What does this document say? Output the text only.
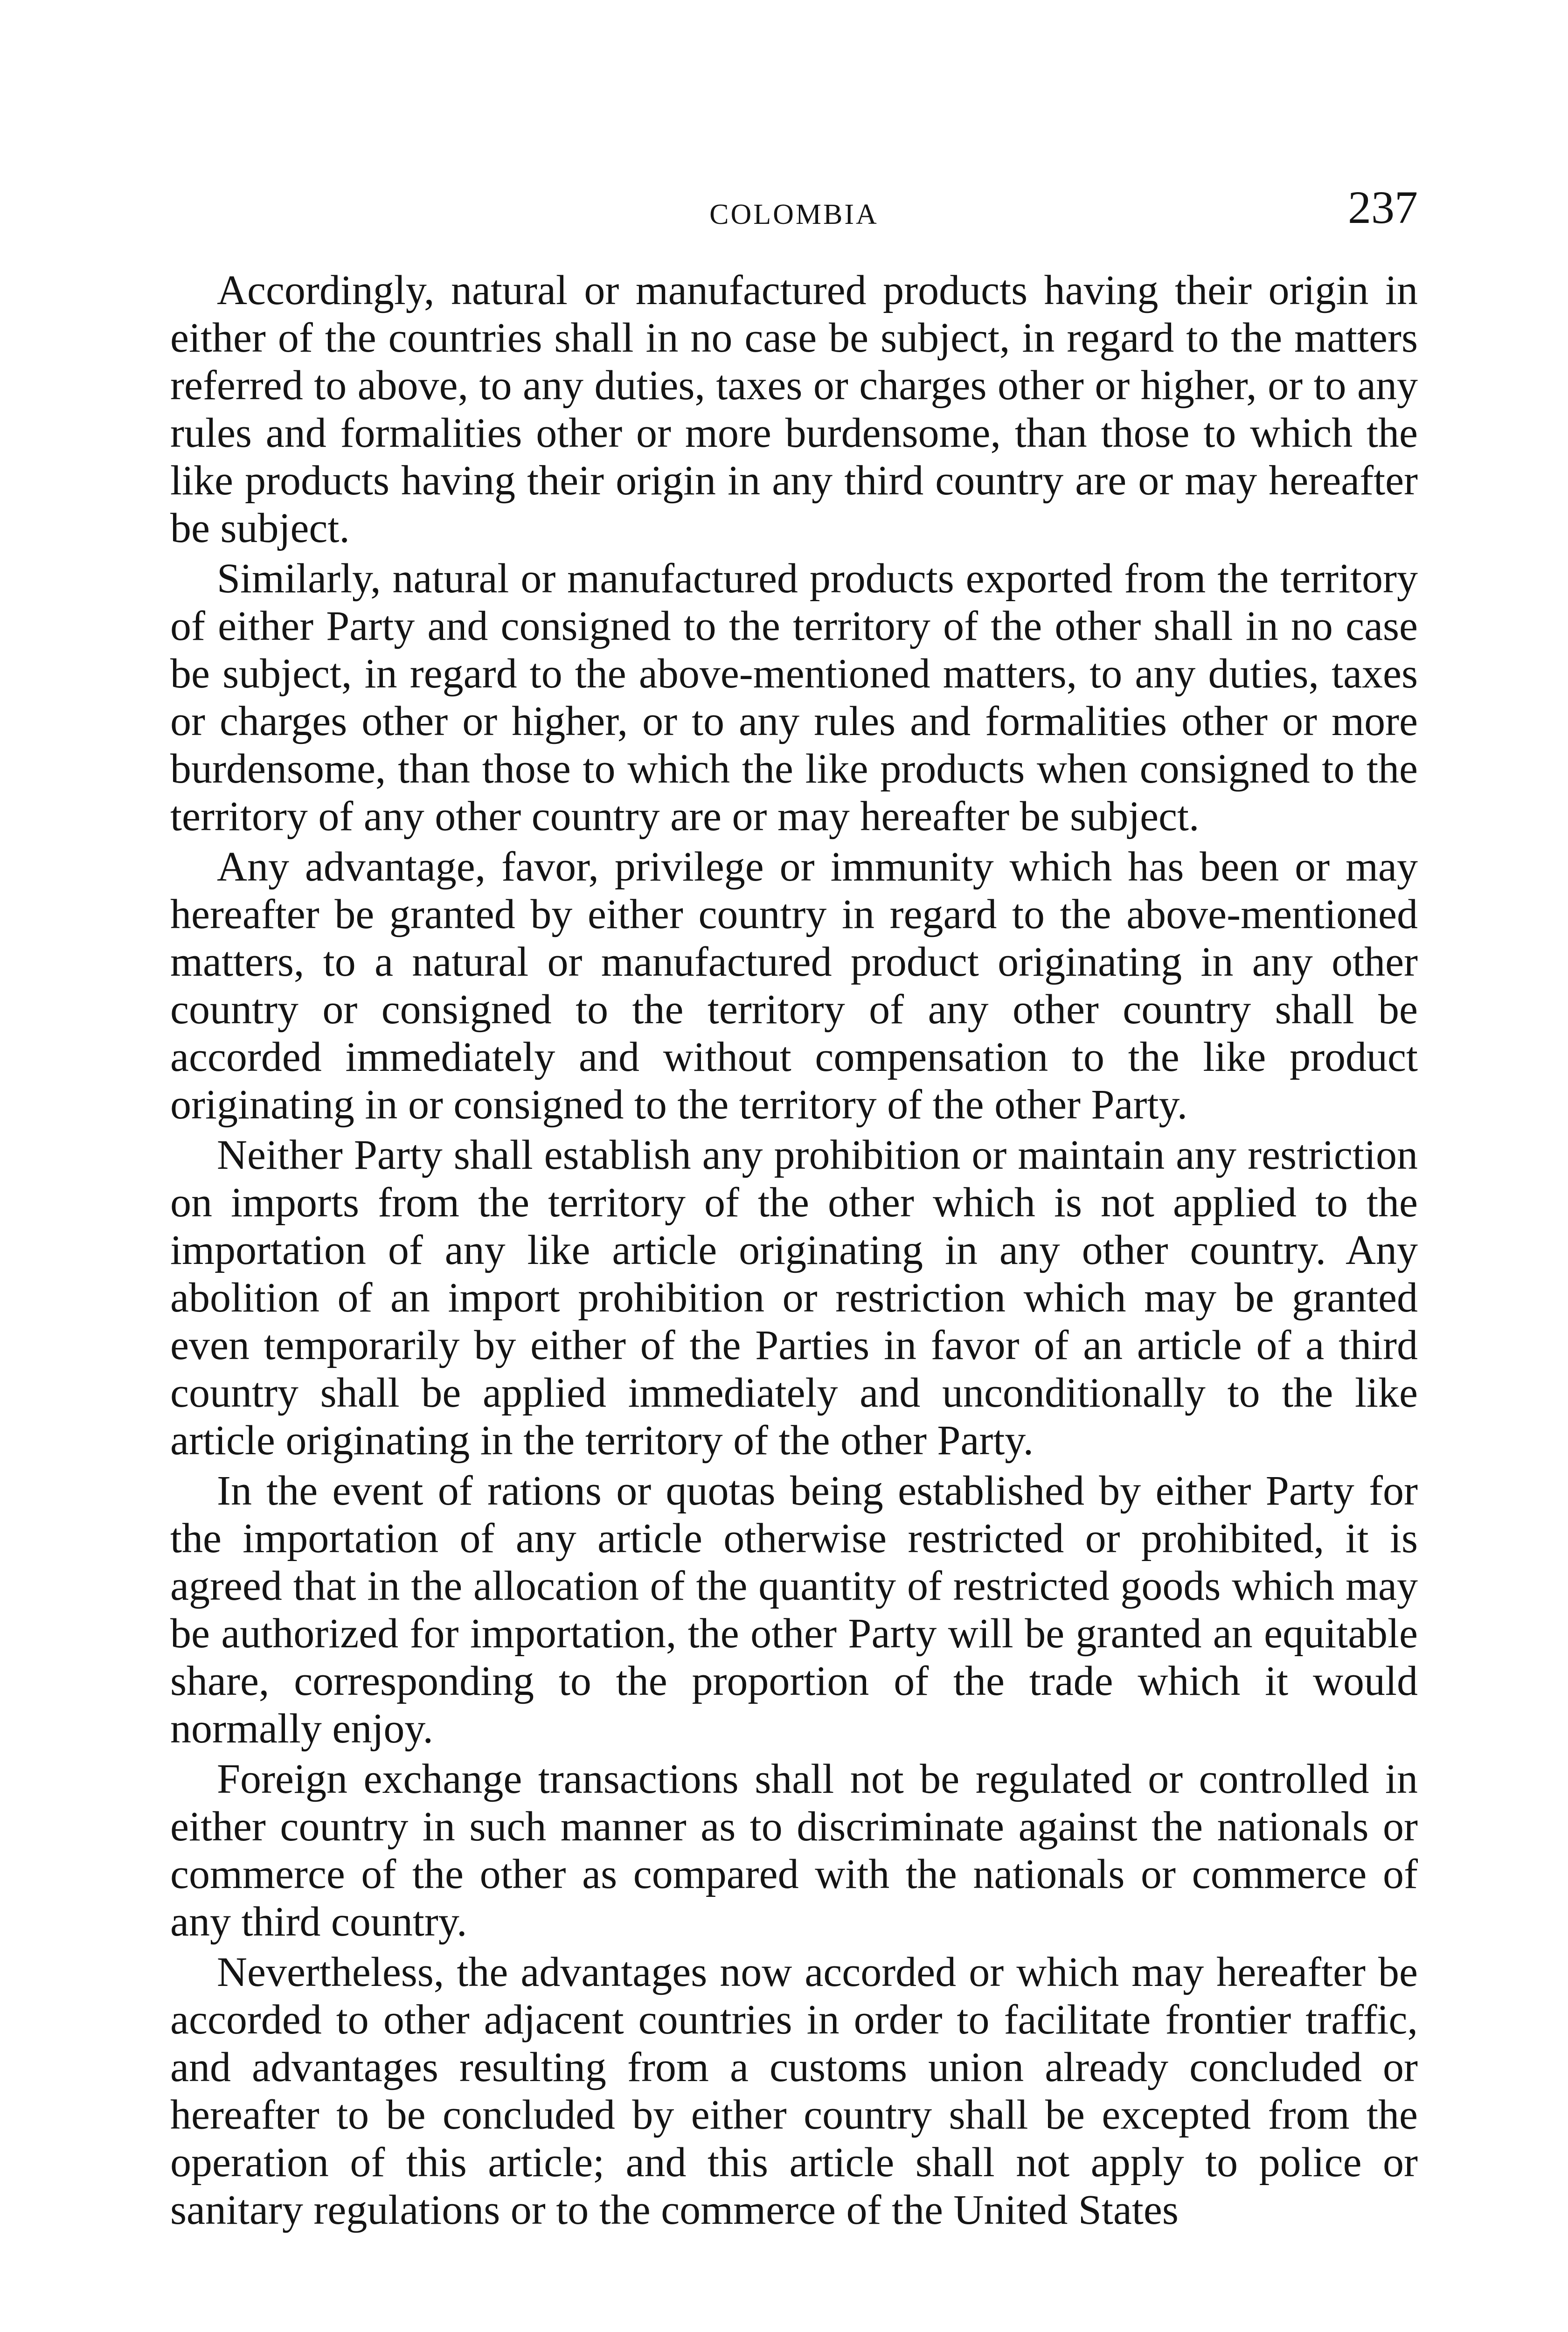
COLOMBIA	237

Accordingly, natural or manufactured products having their origin in either of the countries shall in no case be subject, in regard to the matters referred to above, to any duties, taxes or charges other or higher, or to any rules and formalities other or more burdensome, than those to which the like products having their origin in any third country are or may hereafter be subject.

Similarly, natural or manufactured products exported from the territory of either Party and consigned to the territory of the other shall in no case be subject, in regard to the above-mentioned matters, to any duties, taxes or charges other or higher, or to any rules and formalities other or more burdensome, than those to which the like products when consigned to the territory of any other country are or may hereafter be subject.

Any advantage, favor, privilege or immunity which has been or may hereafter be granted by either country in regard to the above-mentioned matters, to a natural or manufactured product originating in any other country or consigned to the territory of any other country shall be accorded immediately and without compensation to the like product originating in or consigned to the territory of the other Party.

Neither Party shall establish any prohibition or maintain any restriction on imports from the territory of the other which is not applied to the importation of any like article originating in any other country. Any abolition of an import prohibition or restriction which may be granted even temporarily by either of the Parties in favor of an article of a third country shall be applied immediately and unconditionally to the like article originating in the territory of the other Party.

In the event of rations or quotas being established by either Party for the importation of any article otherwise restricted or prohibited, it is agreed that in the allocation of the quantity of restricted goods which may be authorized for importation, the other Party will be granted an equitable share, corresponding to the proportion of the trade which it would normally enjoy.

Foreign exchange transactions shall not be regulated or controlled in either country in such manner as to discriminate against the nationals or commerce of the other as compared with the nationals or commerce of any third country.

Nevertheless, the advantages now accorded or which may hereafter be accorded to other adjacent countries in order to facilitate frontier traffic, and advantages resulting from a customs union already concluded or hereafter to be concluded by either country shall be excepted from the operation of this article; and this article shall not apply to police or sanitary regulations or to the commerce of the United States
